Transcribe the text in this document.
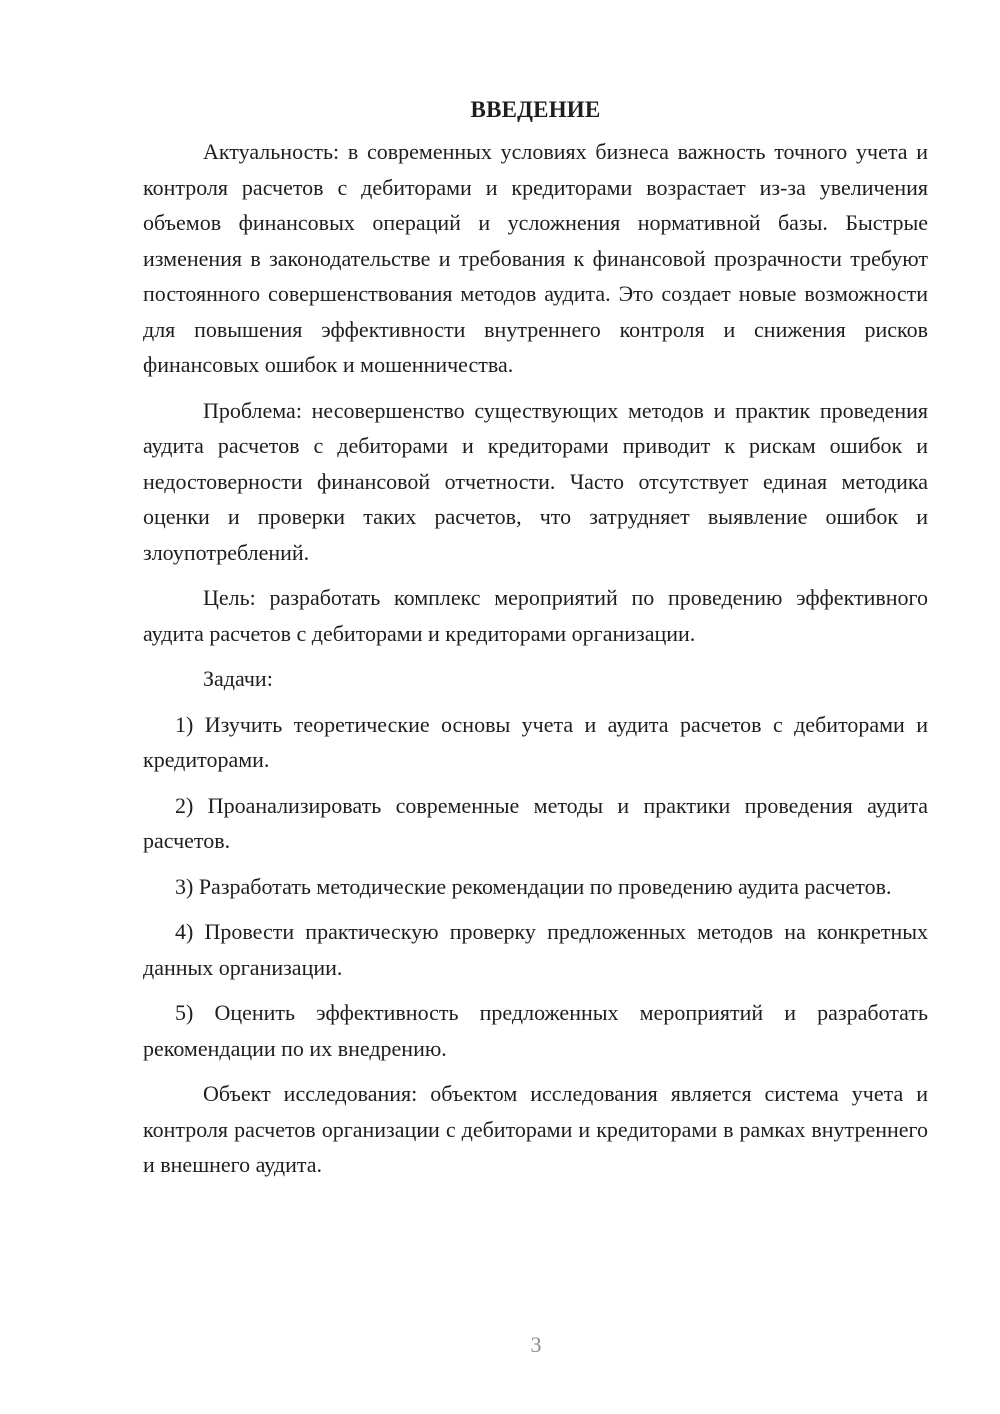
ВВЕДЕНИЕ

Актуальность: в современных условиях бизнеса важность точного учета и контроля расчетов с дебиторами и кредиторами возрастает из-за увеличения объемов финансовых операций и усложнения нормативной базы. Быстрые изменения в законодательстве и требования к финансовой прозрачности требуют постоянного совершенствования методов аудита. Это создает новые возможности для повышения эффективности внутреннего контроля и снижения рисков финансовых ошибок и мошенничества.

Проблема: несовершенство существующих методов и практик проведения аудита расчетов с дебиторами и кредиторами приводит к рискам ошибок и недостоверности финансовой отчетности. Часто отсутствует единая методика оценки и проверки таких расчетов, что затрудняет выявление ошибок и злоупотреблений.

Цель: разработать комплекс мероприятий по проведению эффективного аудита расчетов с дебиторами и кредиторами организации.

Задачи:

1) Изучить теоретические основы учета и аудита расчетов с дебиторами и кредиторами.

2) Проанализировать современные методы и практики проведения аудита расчетов.

3) Разработать методические рекомендации по проведению аудита расчетов.

4) Провести практическую проверку предложенных методов на конкретных данных организации.

5) Оценить эффективность предложенных мероприятий и разработать рекомендации по их внедрению.

Объект исследования: объектом исследования является система учета и контроля расчетов организации с дебиторами и кредиторами в рамках внутреннего и внешнего аудита.

3
